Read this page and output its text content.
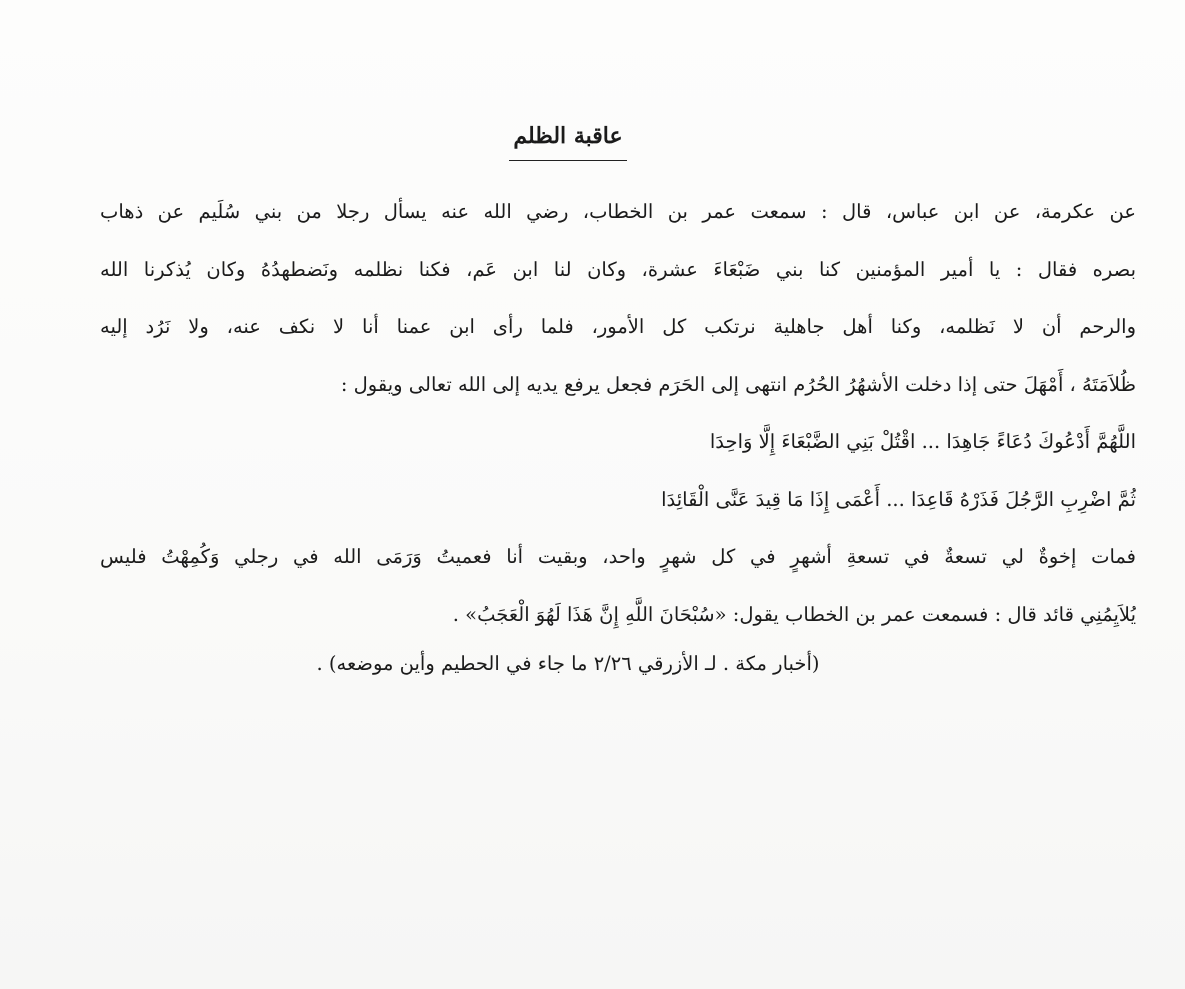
عاقبة الظلم
عن عكرمة، عن ابن عباس، قال : سمعت عمر بن الخطاب، رضي الله عنه يسأل رجلا من بني سُلَيم عن ذهاب
بصره فقال : يا أمير المؤمنين كنا بني ضَبْعَاءَ عشرة، وكان لنا ابن عَم، فكنا نظلمه ونَضطهدُهُ وكان يُذكرنا الله
والرحم أن لا نَظلمه، وكنا أهل جاهلية نرتكب كل الأمور، فلما رأى ابن عمنا أنا لا نكف عنه، ولا نَرُد إليه
ظُلاَمَتَهُ ، أَمْهَلَ حتى إذا دخلت الأشهُرُ الحُرُم انتهى إلى الحَرَم فجعل يرفع يديه إلى الله تعالى ويقول :
اللَّهُمَّ أَدْعُوكَ دُعَاءً جَاهِدَا ... اقْتُلْ بَنِي الضَّبْعَاءَ إِلَّا وَاحِدَا
ثُمَّ اضْرِبِ الرَّجُلَ فَذَرْهُ قَاعِدَا ... أَعْمَى إِذَا مَا قِيدَ عَنَّى الْقَائِدَا
فمات إخوةٌ لي تسعةٌ في تسعةِ أشهرٍ في كل شهرٍ واحد، وبقيت أنا فعميتُ وَرَمَى الله في رجلي وَكُمِهْتُ فليس
يُلاَيِمُنِي قائد قال : فسمعت عمر بن الخطاب يقول: «سُبْحَانَ اللَّهِ إِنَّ هَذَا لَهُوَ الْعَجَبُ» .
(أخبار مكة . لـ الأزرقي ٢/٢٦ ما جاء في الحطيم وأين موضعه) .
